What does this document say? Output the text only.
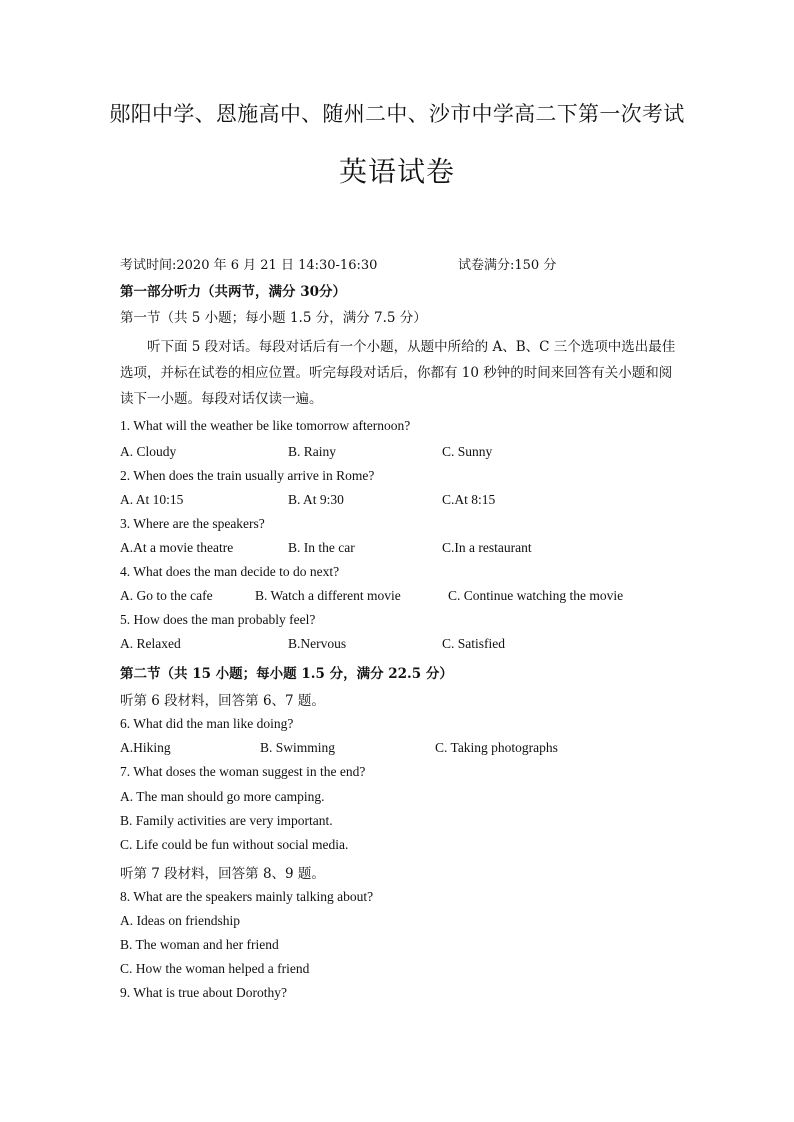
郧阳中学、恩施高中、随州二中、沙市中学高二下第一次考试
英语试卷
考试时间:2020 年 6 月 21 日 14:30-16:30	试卷满分:150 分
第一部分听力（共两节，满分 30分）
第一节（共 5 小题；每小题 1.5 分，满分 7.5 分）
听下面 5 段对话。每段对话后有一个小题，从题中所给的 A、B、C 三个选项中选出最佳选项，并标在试卷的相应位置。听完每段对话后，你都有 10 秒钟的时间来回答有关小题和阅读下一小题。每段对话仅读一遍。
1. What will the weather be like tomorrow afternoon?
A. Cloudy	B. Rainy	C. Sunny
2. When does the train usually arrive in Rome?
A. At 10:15	B. At 9:30	C.At 8:15
3. Where are the speakers?
A.At a movie theatre	B. In the car	C.In a restaurant
4. What does the man decide to do next?
A. Go to the cafe	B. Watch a different movie	C. Continue watching the movie
5. How does the man probably feel?
A. Relaxed	B.Nervous	C. Satisfied
第二节（共 15 小题；每小题 1.5 分，满分 22.5 分）
听第 6 段材料，回答第 6、7 题。
6. What did the man like doing?
A.Hiking	B. Swimming	C. Taking photographs
7. What doses the woman suggest in the end?
A. The man should go more camping.
B. Family activities are very important.
C. Life could be fun without social media.
听第 7 段材料，回答第 8、9 题。
8. What are the speakers mainly talking about?
A. Ideas on friendship
B. The woman and her friend
C. How the woman helped a friend
9. What is true about Dorothy?
